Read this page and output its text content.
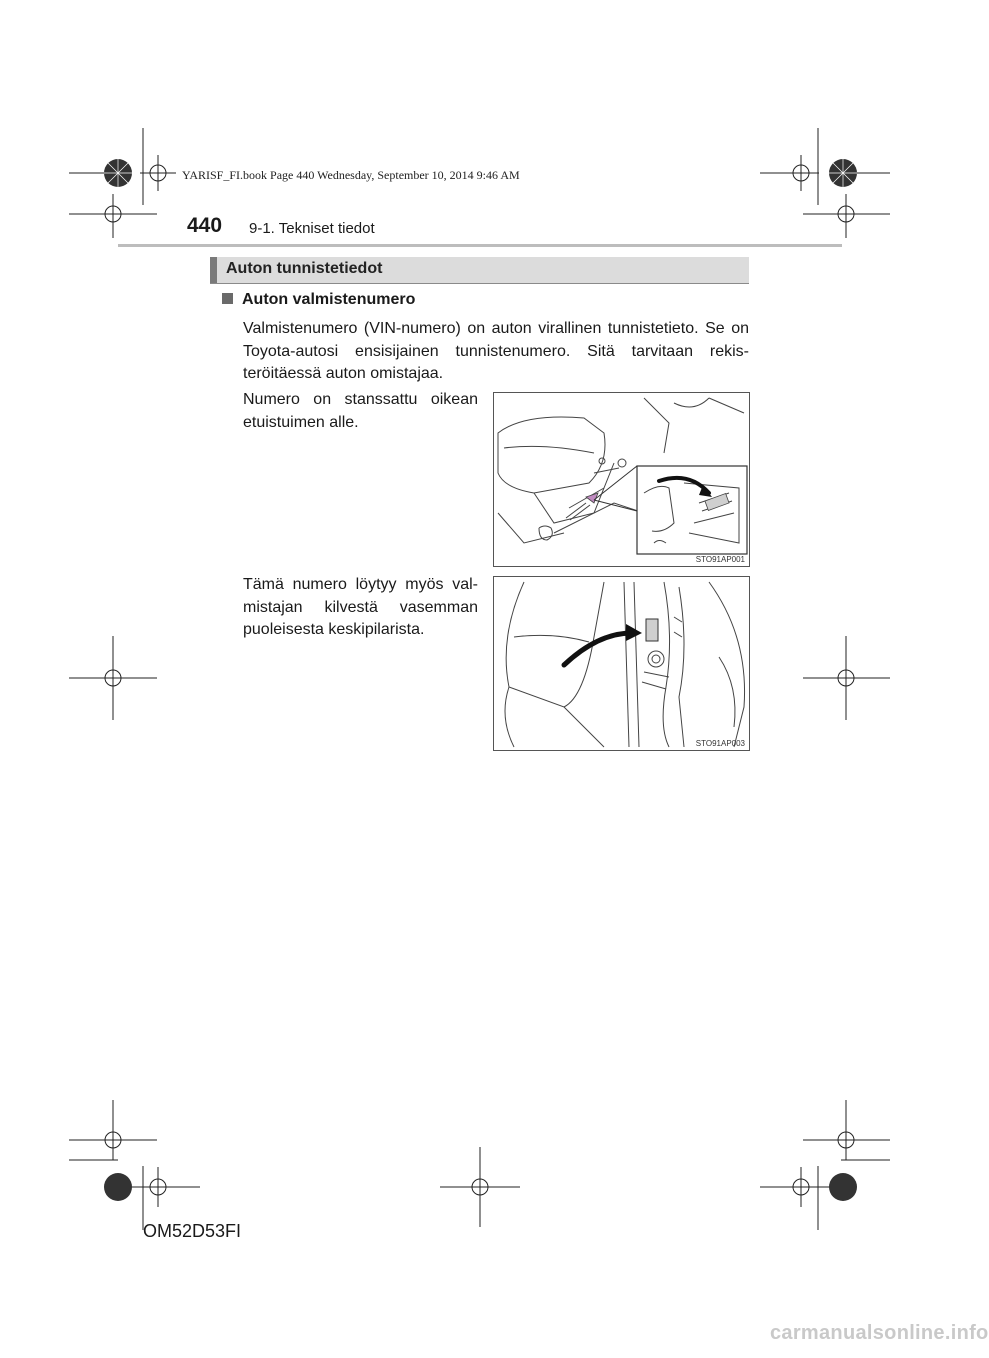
YARISF_FI.book Page 440 Wednesday, September 10, 2014 9:46 AM
440 9-1. Tekniset tiedot
Auton tunnistetiedot
Auton valmistenumero
Valmistenumero (VIN-numero) on auton virallinen tunnistetieto. Se on Toyota-autosi ensisijainen tunnistenumero. Sitä tarvitaan rekisteröitäessä auton omistajaa.
Numero on stanssattu oikean etuistuimen alle.
Tämä numero löytyy myös valmistajan kilvestä vasemman puoleisesta keskipilarista.
STO91AP001
STO91AP003
OM52D53FI
carmanualsonline.info
